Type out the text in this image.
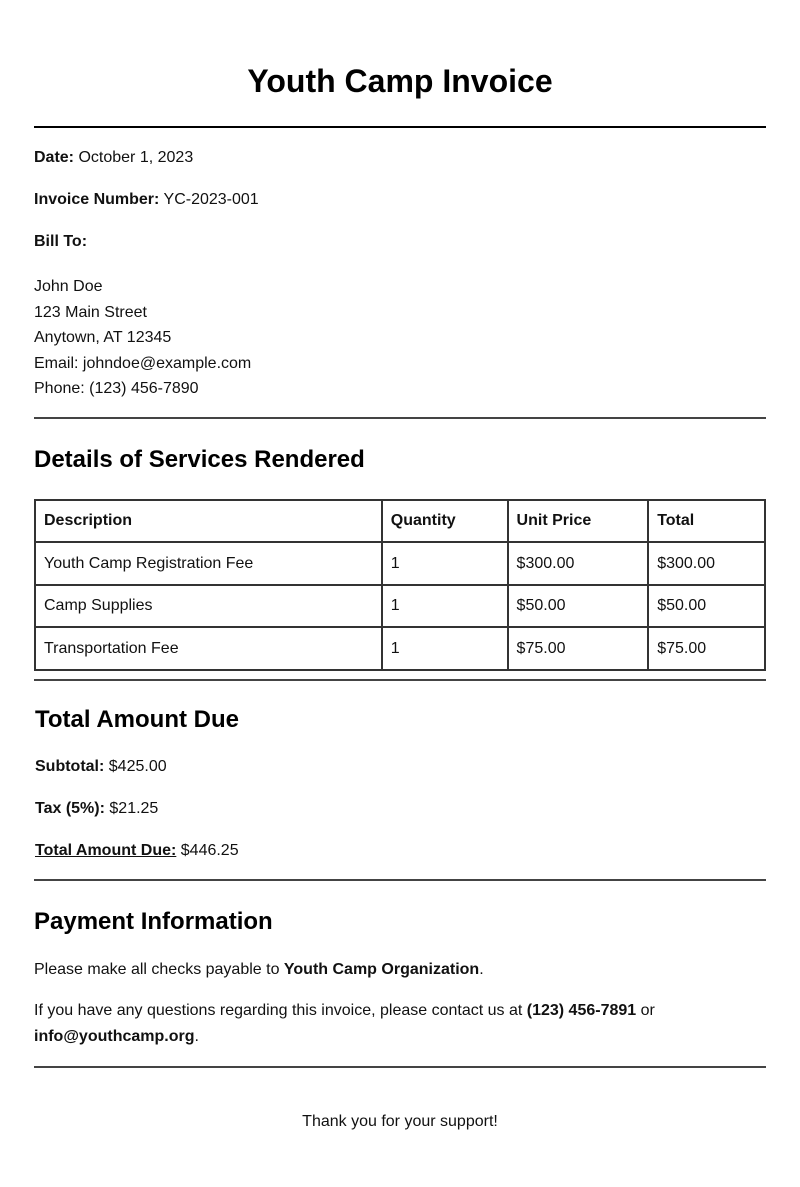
Youth Camp Invoice

Date: October 1, 2023

Invoice Number: YC-2023-001

Bill To:

John Doe
123 Main Street
Anytown, AT 12345
Email: johndoe@example.com
Phone: (123) 456-7890
Details of Services Rendered
Description	Quantity	Unit Price	Total
Youth Camp Registration Fee	1	$300.00	$300.00
Camp Supplies	1	$50.00	$50.00
Transportation Fee	1	$75.00	$75.00
Total Amount Due

Subtotal: $425.00

Tax (5%): $21.25

Total Amount Due: $446.25

Payment Information

Please make all checks payable to Youth Camp Organization.

If you have any questions regarding this invoice, please contact us at (123) 456-7891 or
info@youthcamp.org.

Thank you for your support!
